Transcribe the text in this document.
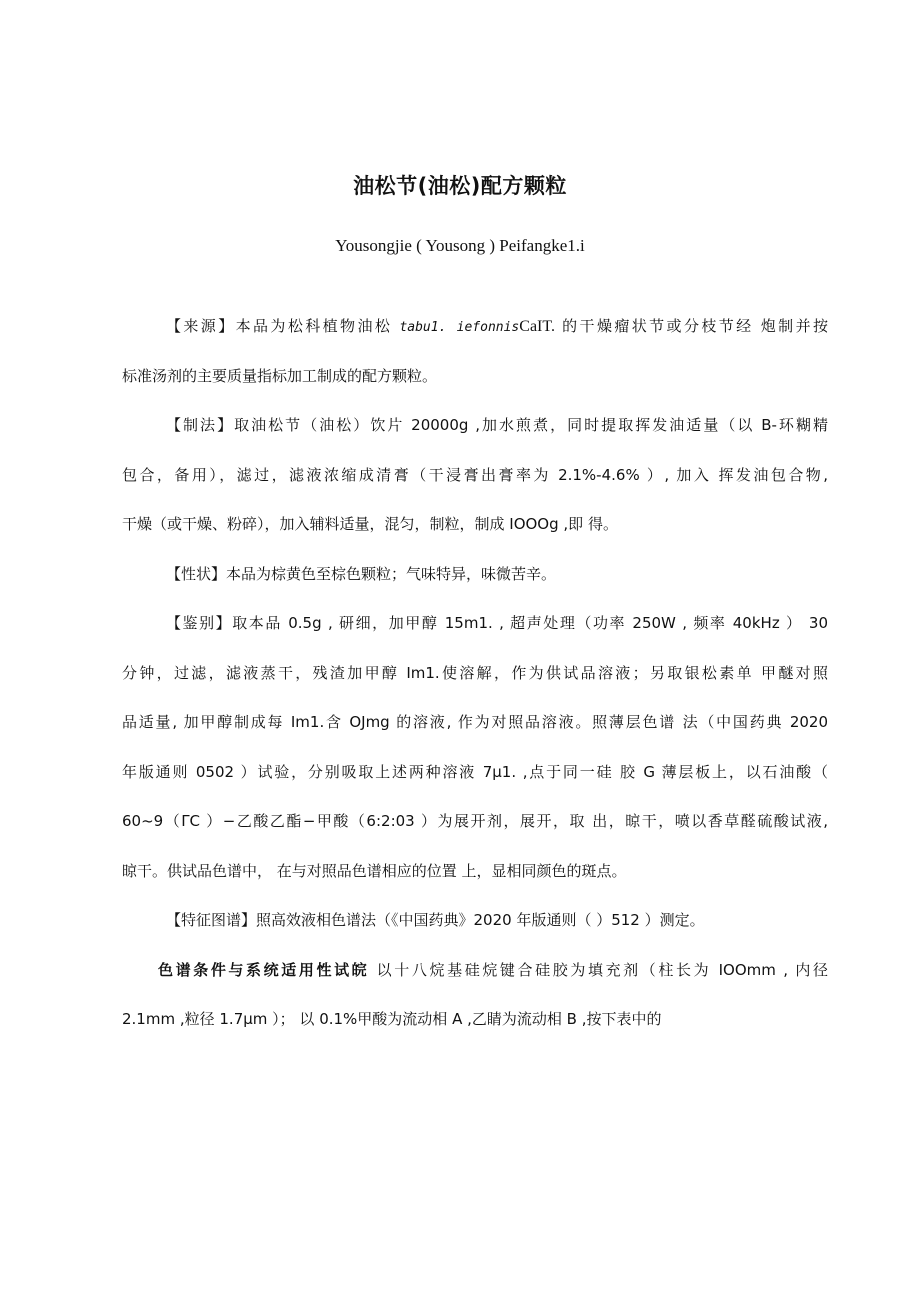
油松节(油松)配方颗粒
Yousongjie ( Yousong ) Peifangke1.i
【来源】本品为松科植物油松 tabu1. iefonnisCaIT. 的干燥瘤状节或分枝节经 炮制并按
标准汤剂的主要质量指标加工制成的配方颗粒。
【制法】取油松节（油松）饮片 20000g ,加水煎煮，同时提取挥发油适量（以 B-环糊精
包合，备用），滤过，滤液浓缩成清膏（干浸膏出膏率为 2.1%-4.6% ）, 加入 挥发油包合物,
干燥（或干燥、粉碎），加入辅料适量，混匀，制粒，制成 IOOOg ,即 得。
【性状】本品为棕黄色至棕色颗粒；气味特异，味微苦辛。
【鉴别】取本品 0.5g , 研细，加甲醇 15m1. , 超声处理（功率 250W , 频率 40kHz ） 30
分钟，过滤，滤液蒸干，残渣加甲醇 Im1.使溶解，作为供试品溶液；另取银松素单 甲醚对照
品适量, 加甲醇制成每 Im1.含 OJmg 的溶液, 作为对照品溶液。照薄层色谱 法（中国药典 2020
年版通则 0502 ）试验，分别吸取上述两种溶液 7μ1. ,点于同一硅 胶 G 薄层板上，以石油酸（
60~9（ΓC ）−乙酸乙酯−甲酸（6:2:03 ）为展开剂，展开，取 出，晾干，喷以香草醛硫酸试液,
晾干。供试品色谱中， 在与对照品色谱相应的位置 上，显相同颜色的斑点。
【特征图谱】照高效液相色谱法（《中国药典》2020 年版通则（ ）512 ）测定。
色谱条件与系统适用性试皖 以十八烷基硅烷键合硅胶为填充剂（柱长为 IOOmm , 内径
2.1mm ,粒径 1.7μm ）； 以 0.1%甲酸为流动相 A ,乙睛为流动相 B ,按下表中的
